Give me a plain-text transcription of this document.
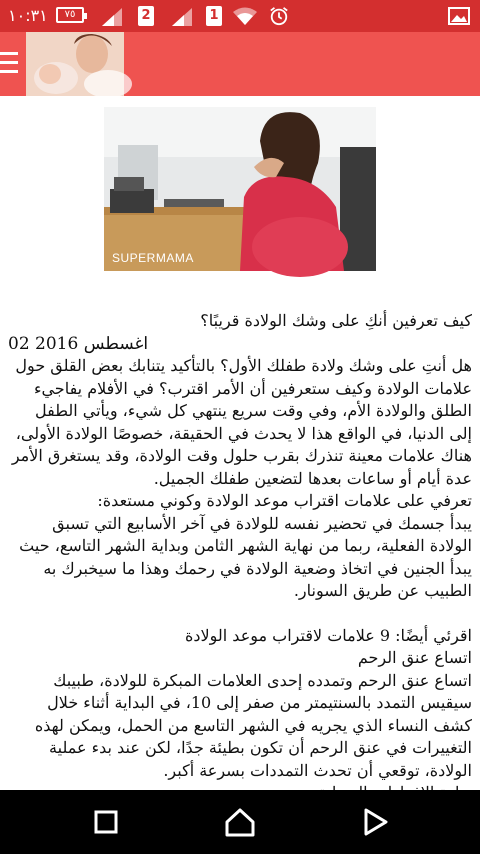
١٠:٣١	٧٥	2	1
SUPERMAMA

كيف تعرفين أنكِ على وشك الولادة قريبًا؟

02 اغسطس 2016

هل أنتِ على وشك ولادة طفلك الأول؟ بالتأكيد يتنابك بعض القلق حول علامات الولادة وكيف ستعرفين أن الأمر اقترب؟ في الأفلام يفاجيء الطلق والولادة الأم، وفي وقت سريع ينتهي كل شيء، ويأتي الطفل إلى الدنيا، في الواقع هذا لا يحدث في الحقيقة، خصوصًا الولادة الأولى، هناك علامات معينة تنذرك بقرب حلول وقت الولادة، وقد يستغرق الأمر عدة أيام أو ساعات بعدها لتضعين طفلك الجميل.

تعرفي على علامات اقتراب موعد الولادة وكوني مستعدة:

يبدأ جسمك في تحضير نفسه للولادة في آخر الأسابيع التي تسبق الولادة الفعلية، ربما من نهاية الشهر الثامن وبداية الشهر التاسع، حيث يبدأ الجنين في اتخاذ وضعية الولادة في رحمك وهذا ما سيخبرك به الطبيب عن طريق السونار.

اقرئي أيضًا: 9 علامات لاقتراب موعد الولادة

اتساع عنق الرحم

اتساع عنق الرحم وتمدده إحدى العلامات المبكرة للولادة، طبيبك سيقيس التمدد بالسنتيمتر من صفر إلى 10، في البداية أثناء خلال كشف النساء الذي يجريه في الشهر التاسع من الحمل، ويمكن لهذه التغييرات في عنق الرحم أن تكون بطيئة جدًا، لكن عند بدء عملية الولادة، توقعي أن تحدث التمددات بسرعة أكبر.
